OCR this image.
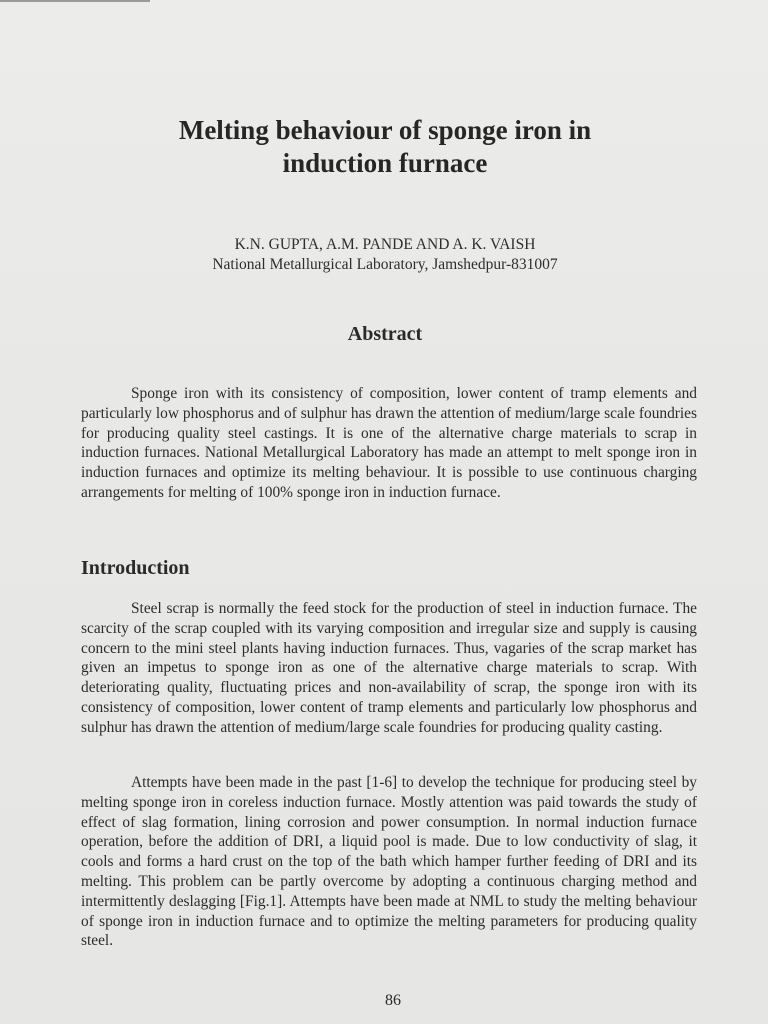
Melting behaviour of sponge iron in
induction furnace
K.N. GUPTA, A.M. PANDE AND A. K. VAISH
National Metallurgical Laboratory, Jamshedpur-831007
Abstract

Sponge iron with its consistency of composition, lower content of tramp elements and particularly low phosphorus and of sulphur has drawn the attention of medium/large scale foundries for producing quality steel castings. It is one of the alternative charge materials to scrap in induction furnaces. National Metallurgical Laboratory has made an attempt to melt sponge iron in induction furnaces and optimize its melting behaviour. It is possible to use continuous charging arrangements for melting of 100% sponge iron in induction furnace.

Introduction

Steel scrap is normally the feed stock for the production of steel in induction furnace. The scarcity of the scrap coupled with its varying composition and irregular size and supply is causing concern to the mini steel plants having induction furnaces. Thus, vagaries of the scrap market has given an impetus to sponge iron as one of the alternative charge materials to scrap. With deteriorating quality, fluctuating prices and non-availability of scrap, the sponge iron with its consistency of composition, lower content of tramp elements and particularly low phosphorus and sulphur has drawn the attention of medium/large scale foundries for producing quality casting.

Attempts have been made in the past [1-6] to develop the technique for producing steel by melting sponge iron in coreless induction furnace. Mostly attention was paid towards the study of effect of slag formation, lining corrosion and power consumption. In normal induction furnace operation, before the addition of DRI, a liquid pool is made. Due to low conductivity of slag, it cools and forms a hard crust on the top of the bath which hamper further feeding of DRI and its melting. This problem can be partly overcome by adopting a continuous charging method and intermittently deslagging [Fig.1]. Attempts have been made at NML to study the melting behaviour of sponge iron in induction furnace and to optimize the melting parameters for producing quality steel.

86
